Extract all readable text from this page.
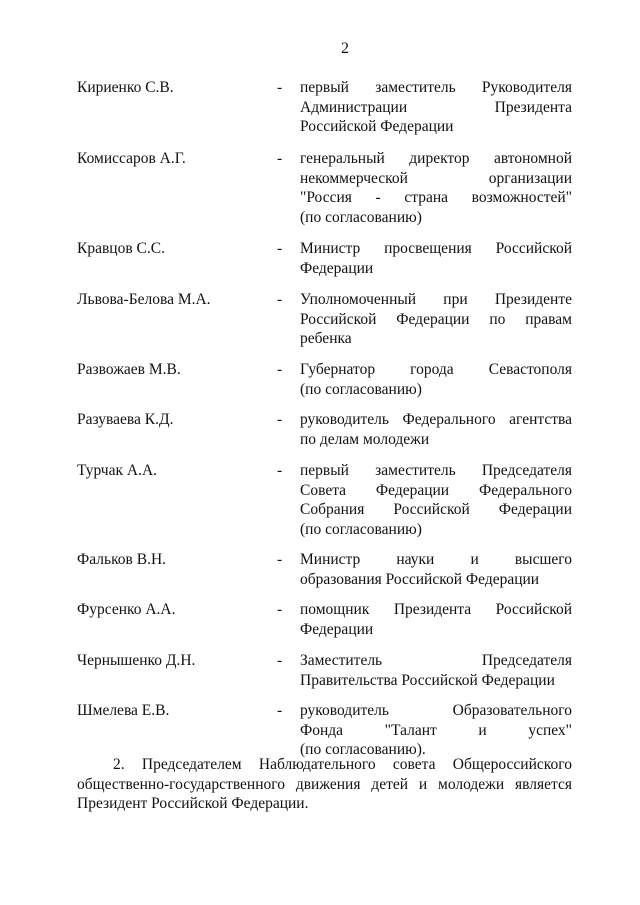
2
Кириенко С.В.	-	первый заместитель Руководителя
Администрации Президента
Российской Федерации
Комиссаров А.Г.	-	генеральный директор автономной
некоммерческой организации
"Россия - страна возможностей"
(по согласованию)
Кравцов С.С.	-	Министр просвещения Российской
Федерации
Львова-Белова М.А.	-	Уполномоченный при Президенте
Российской Федерации по правам
ребенка
Развожаев М.В.	-	Губернатор города Севастополя
(по согласованию)
Разуваева К.Д.	-	руководитель Федерального агентства
по делам молодежи
Турчак А.А.	-	первый заместитель Председателя
Совета Федерации Федерального
Собрания Российской Федерации
(по согласованию)
Фальков В.Н.	-	Министр науки и высшего
образования Российской Федерации
Фурсенко А.А.	-	помощник Президента Российской
Федерации
Чернышенко Д.Н.	-	Заместитель Председателя
Правительства Российской Федерации
Шмелева Е.В.	-	руководитель Образовательного
Фонда "Талант и успех"
(по согласованию).
2. Председателем Наблюдательного совета Общероссийского
общественно-государственного движения детей и молодежи является
Президент Российской Федерации.
